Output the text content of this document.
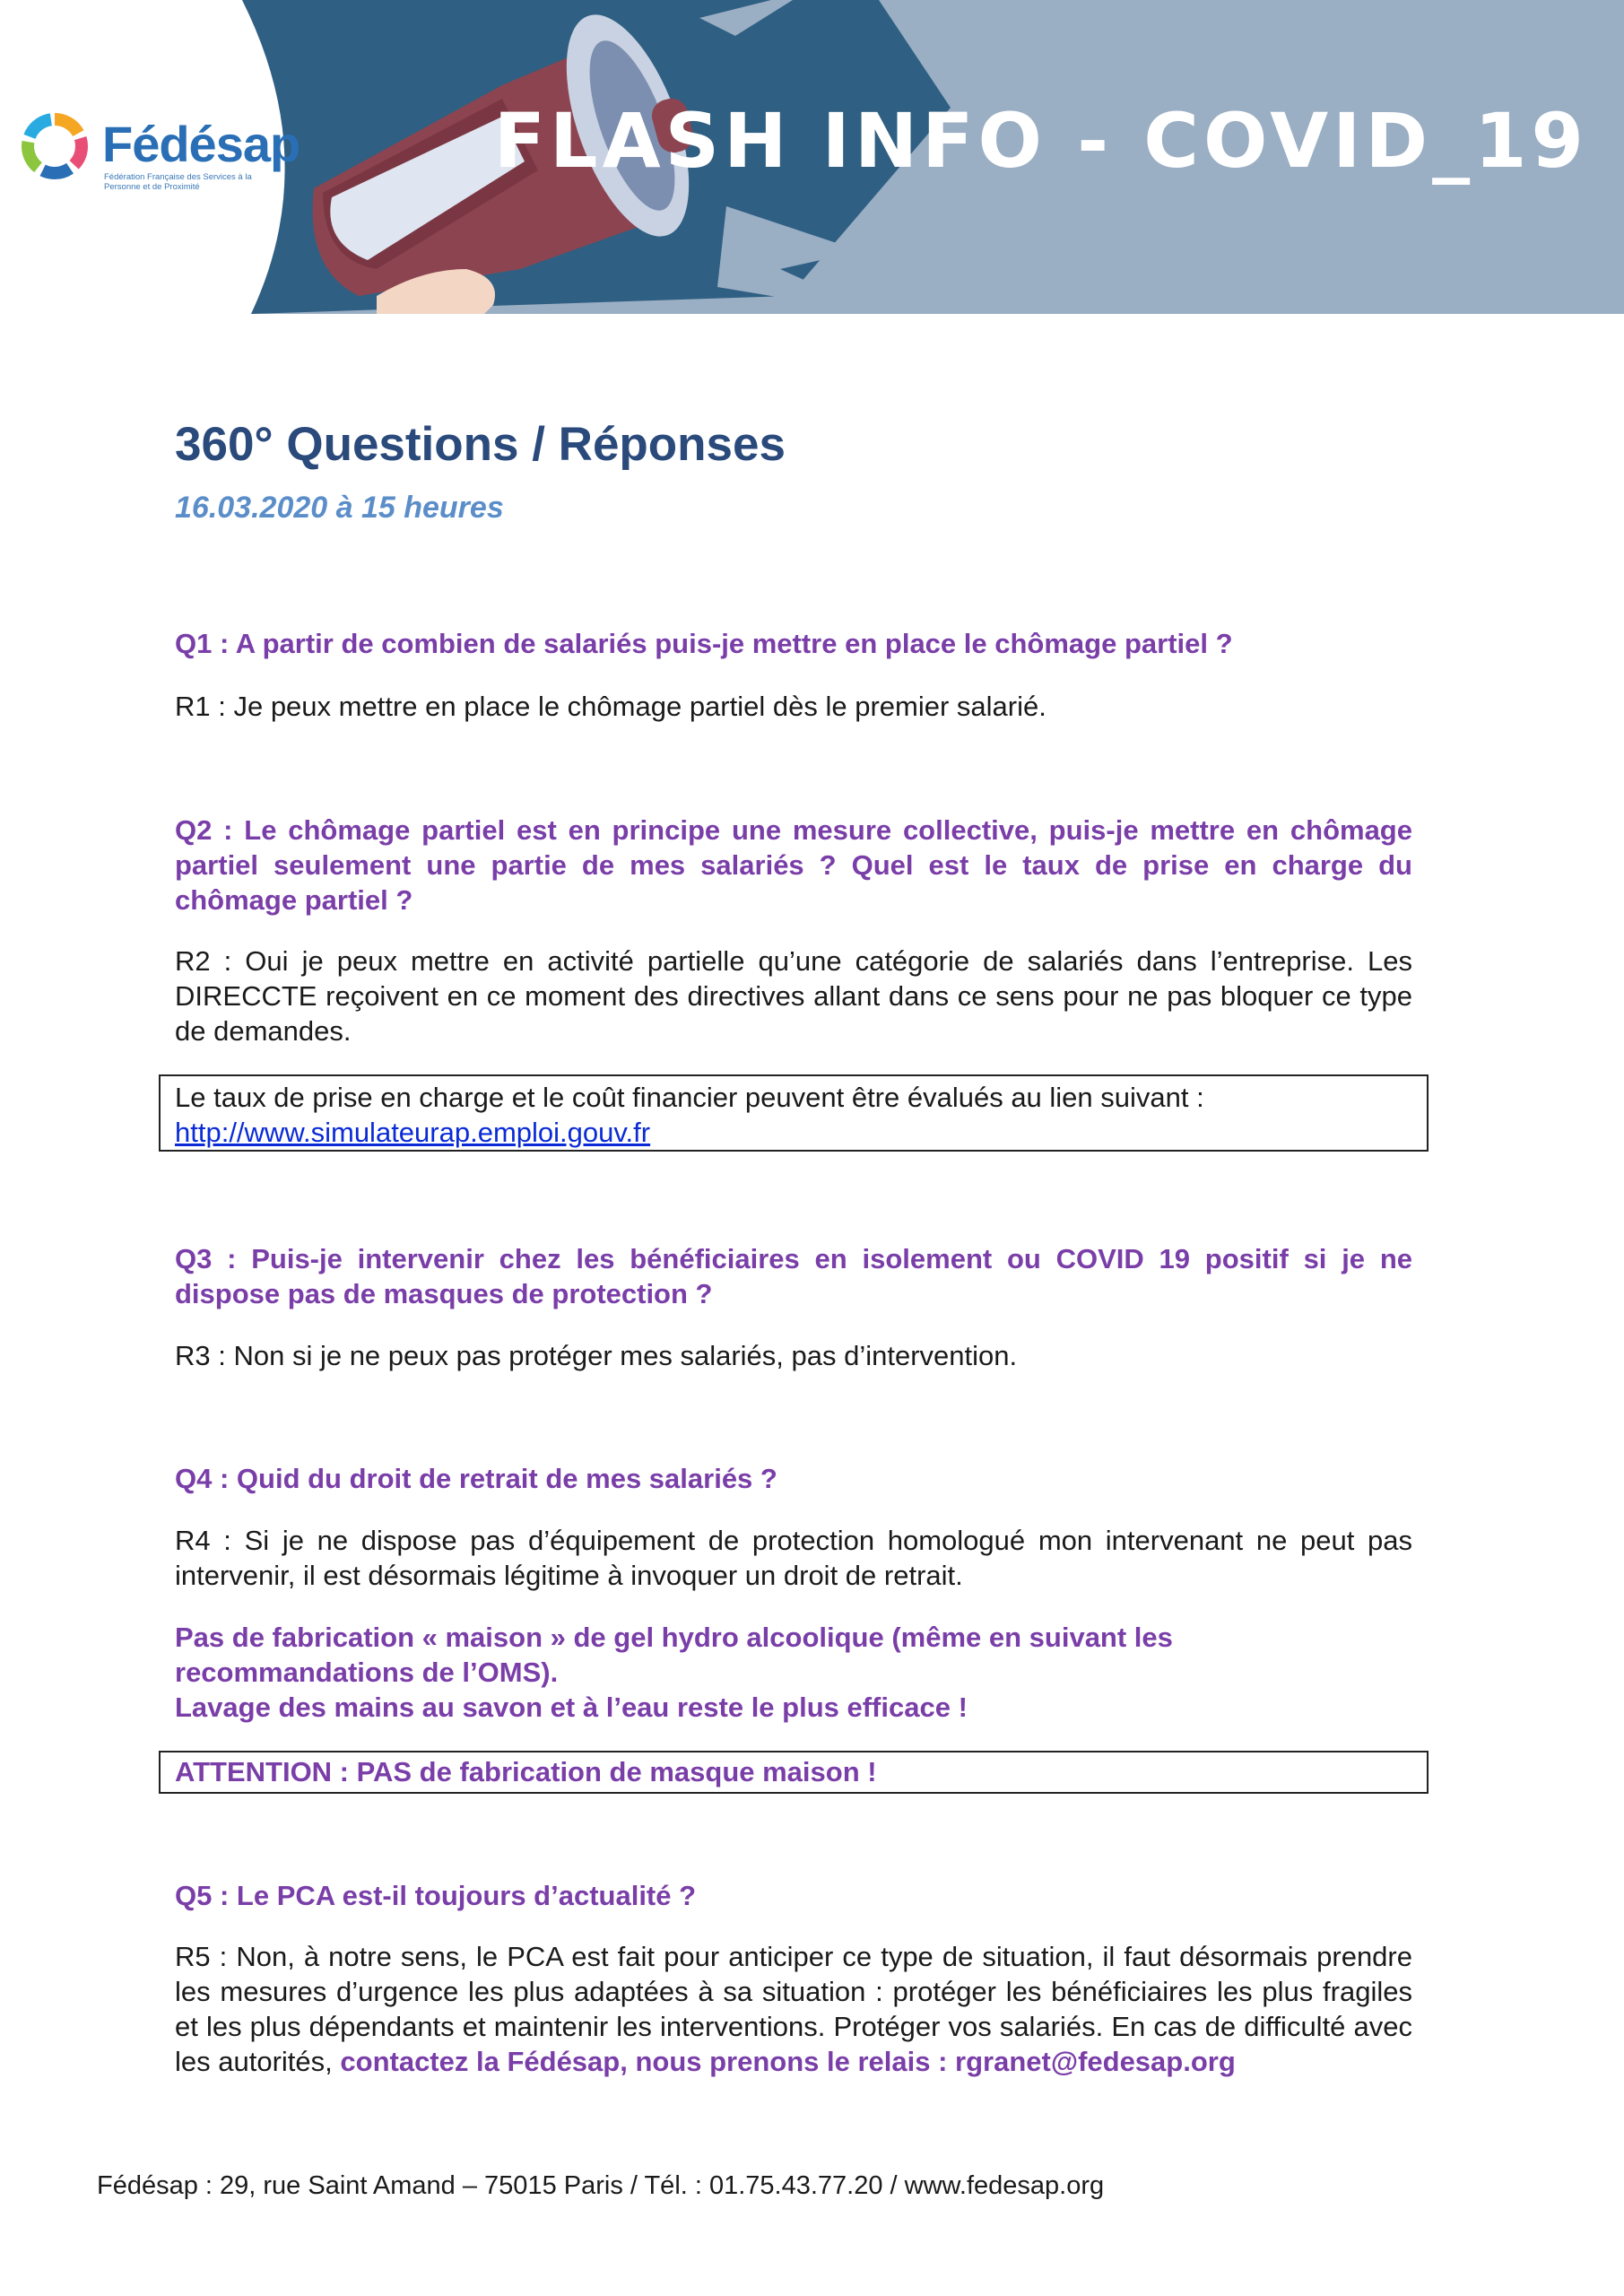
Fédésap
Fédération Française des Services à la Personne et de Proximité
FLASH INFO - COVID_19
360° Questions / Réponses
16.03.2020 à 15 heures

Q1 : A partir de combien de salariés puis-je mettre en place le chômage partiel ?

R1 : Je peux mettre en place le chômage partiel dès le premier salarié.

Q2 : Le chômage partiel est en principe une mesure collective, puis-je mettre en chômage partiel seulement une partie de mes salariés ? Quel est le taux de prise en charge du chômage partiel ?

R2 : Oui je peux mettre en activité partielle qu’une catégorie de salariés dans l’entreprise. Les DIRECCTE reçoivent en ce moment des directives allant dans ce sens pour ne pas bloquer ce type de demandes.

Le taux de prise en charge et le coût financier peuvent être évalués au lien suivant :
http://www.simulateurap.emploi.gouv.fr

Q3 : Puis-je intervenir chez les bénéficiaires en isolement ou COVID 19 positif si je ne dispose pas de masques de protection ?

R3 : Non si je ne peux pas protéger mes salariés, pas d’intervention.

Q4 : Quid du droit de retrait de mes salariés ?

R4 : Si je ne dispose pas d’équipement de protection homologué mon intervenant ne peut pas intervenir, il est désormais légitime à invoquer un droit de retrait.

Pas de fabrication « maison » de gel hydro alcoolique (même en suivant les

recommandations de l’OMS).

Lavage des mains au savon et à l’eau reste le plus efficace !

ATTENTION : PAS de fabrication de masque maison !

Q5 : Le PCA est-il toujours d’actualité ?

R5 : Non, à notre sens, le PCA est fait pour anticiper ce type de situation, il faut désormais prendre les mesures d’urgence les plus adaptées à sa situation : protéger les bénéficiaires les plus fragiles et les plus dépendants et maintenir les interventions. Protéger vos salariés. En cas de difficulté avec les autorités, contactez la Fédésap, nous prenons le relais : rgranet@fedesap.org

Fédésap : 29, rue Saint Amand – 75015 Paris / Tél. : 01.75.43.77.20 / www.fedesap.org
